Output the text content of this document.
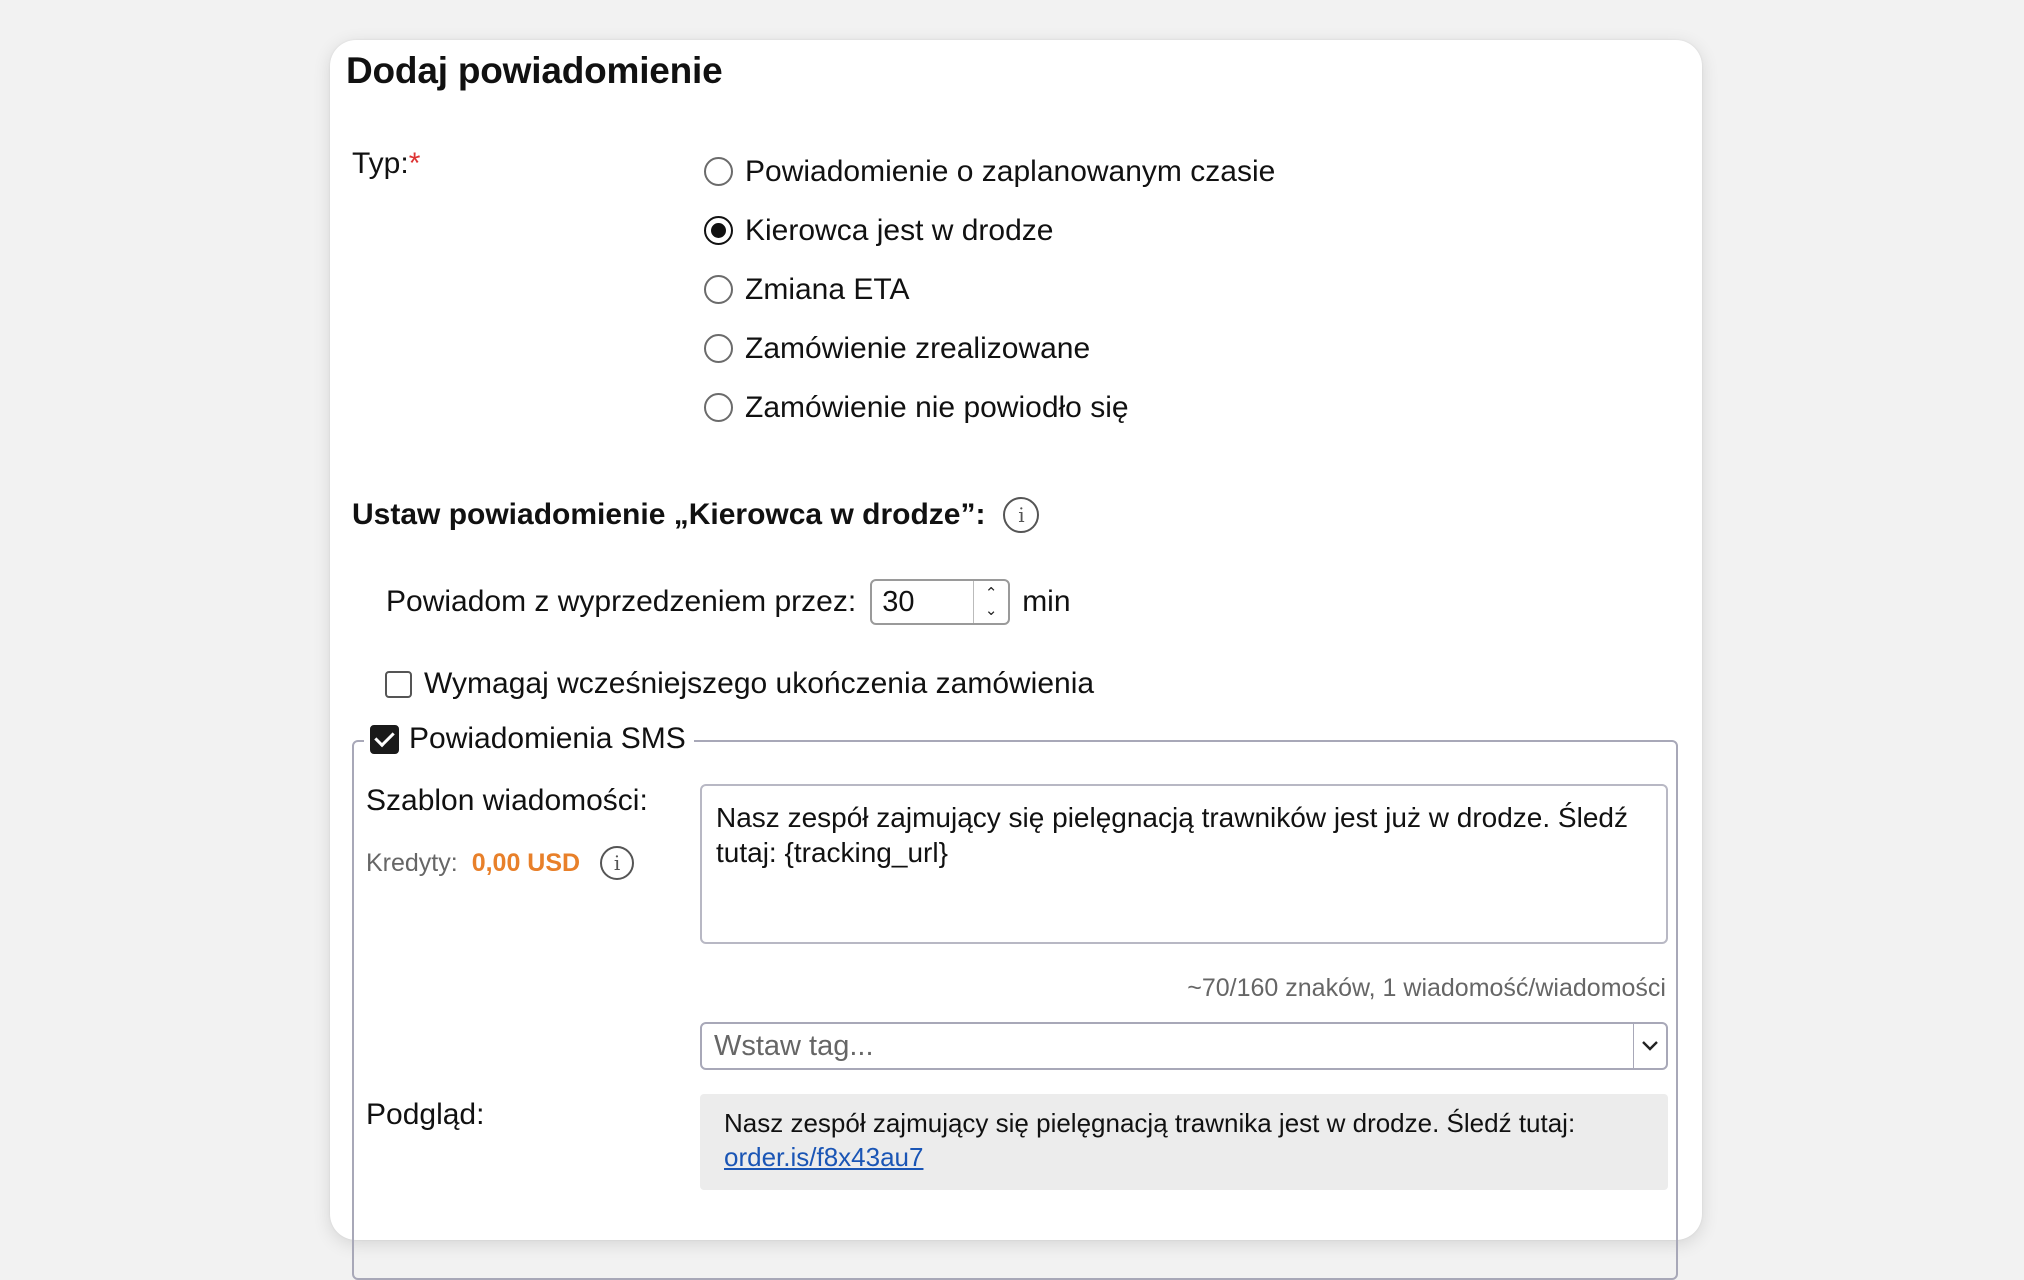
Dodaj powiadomienie
Typ:*	Powiadomienie o zaplanowanym czasie
Kierowca jest w drodze
Zmiana ETA
Zamówienie zrealizowane
Zamówienie nie powiodło się
Ustaw powiadomienie „Kierowca w drodze”:	i
Powiadom z wyprzedzeniem przez: 30	⌃
⌄ min
Wymagaj wcześniejszego ukończenia zamówienia
Powiadomienia SMS
Szablon wiadomości:
Kredyty: 0,00 USD	i
Nasz zespół zajmujący się pielęgnacją trawników jest już w drodze. Śledź tutaj: {tracking_url}
~70/160 znaków, 1 wiadomość/wiadomości
Wstaw tag...
Podgląd:	Nasz zespół zajmujący się pielęgnacją trawnika jest w drodze. Śledź tutaj:
order.is/f8x43au7
